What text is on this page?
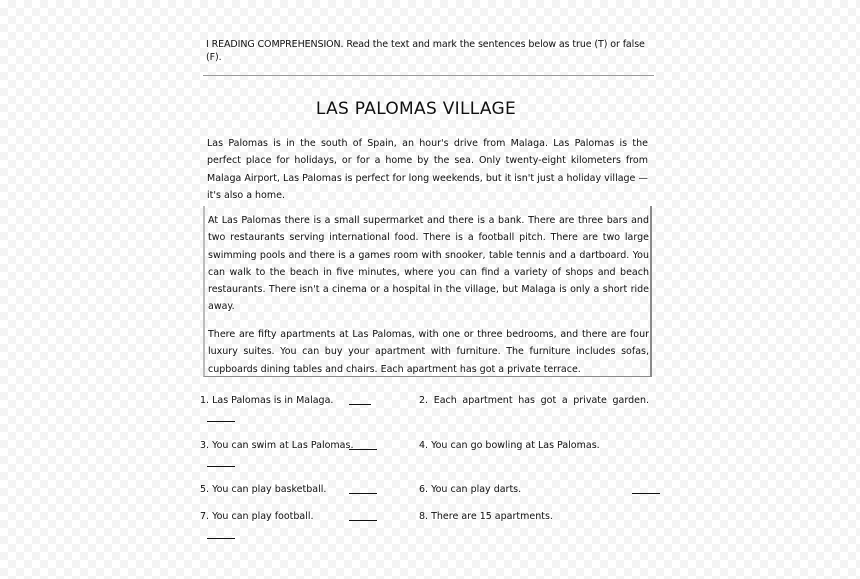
I READING COMPREHENSION. Read the text and mark the sentences below as true (T) or false (F).
LAS PALOMAS VILLAGE
Las Palomas is in the south of Spain, an hour's drive from Malaga. Las Palomas is the perfect place for holidays, or for a home by the sea. Only twenty-eight kilometers from Malaga Airport, Las Palomas is perfect for long weekends, but it isn't just a holiday village — it's also a home.
At Las Palomas there is a small supermarket and there is a bank. There are three bars and two restaurants serving international food. There is a football pitch. There are two large swimming pools and there is a games room with snooker, table tennis and a dartboard. You can walk to the beach in five minutes, where you can find a variety of shops and beach restaurants. There isn't a cinema or a hospital in the village, but Malaga is only a short ride away.
There are fifty apartments at Las Palomas, with one or three bedrooms, and there are four luxury suites. You can buy your apartment with furniture. The furniture includes sofas, cupboards dining tables and chairs. Each apartment has got a private terrace.
1. Las Palomas is in Malaga.	2. Each apartment has got a private garden.
3. You can swim at Las Palomas.	4. You can go bowling at Las Palomas.
5. You can play basketball.	6. You can play darts.
7. You can play football.	8. There are 15 apartments.
